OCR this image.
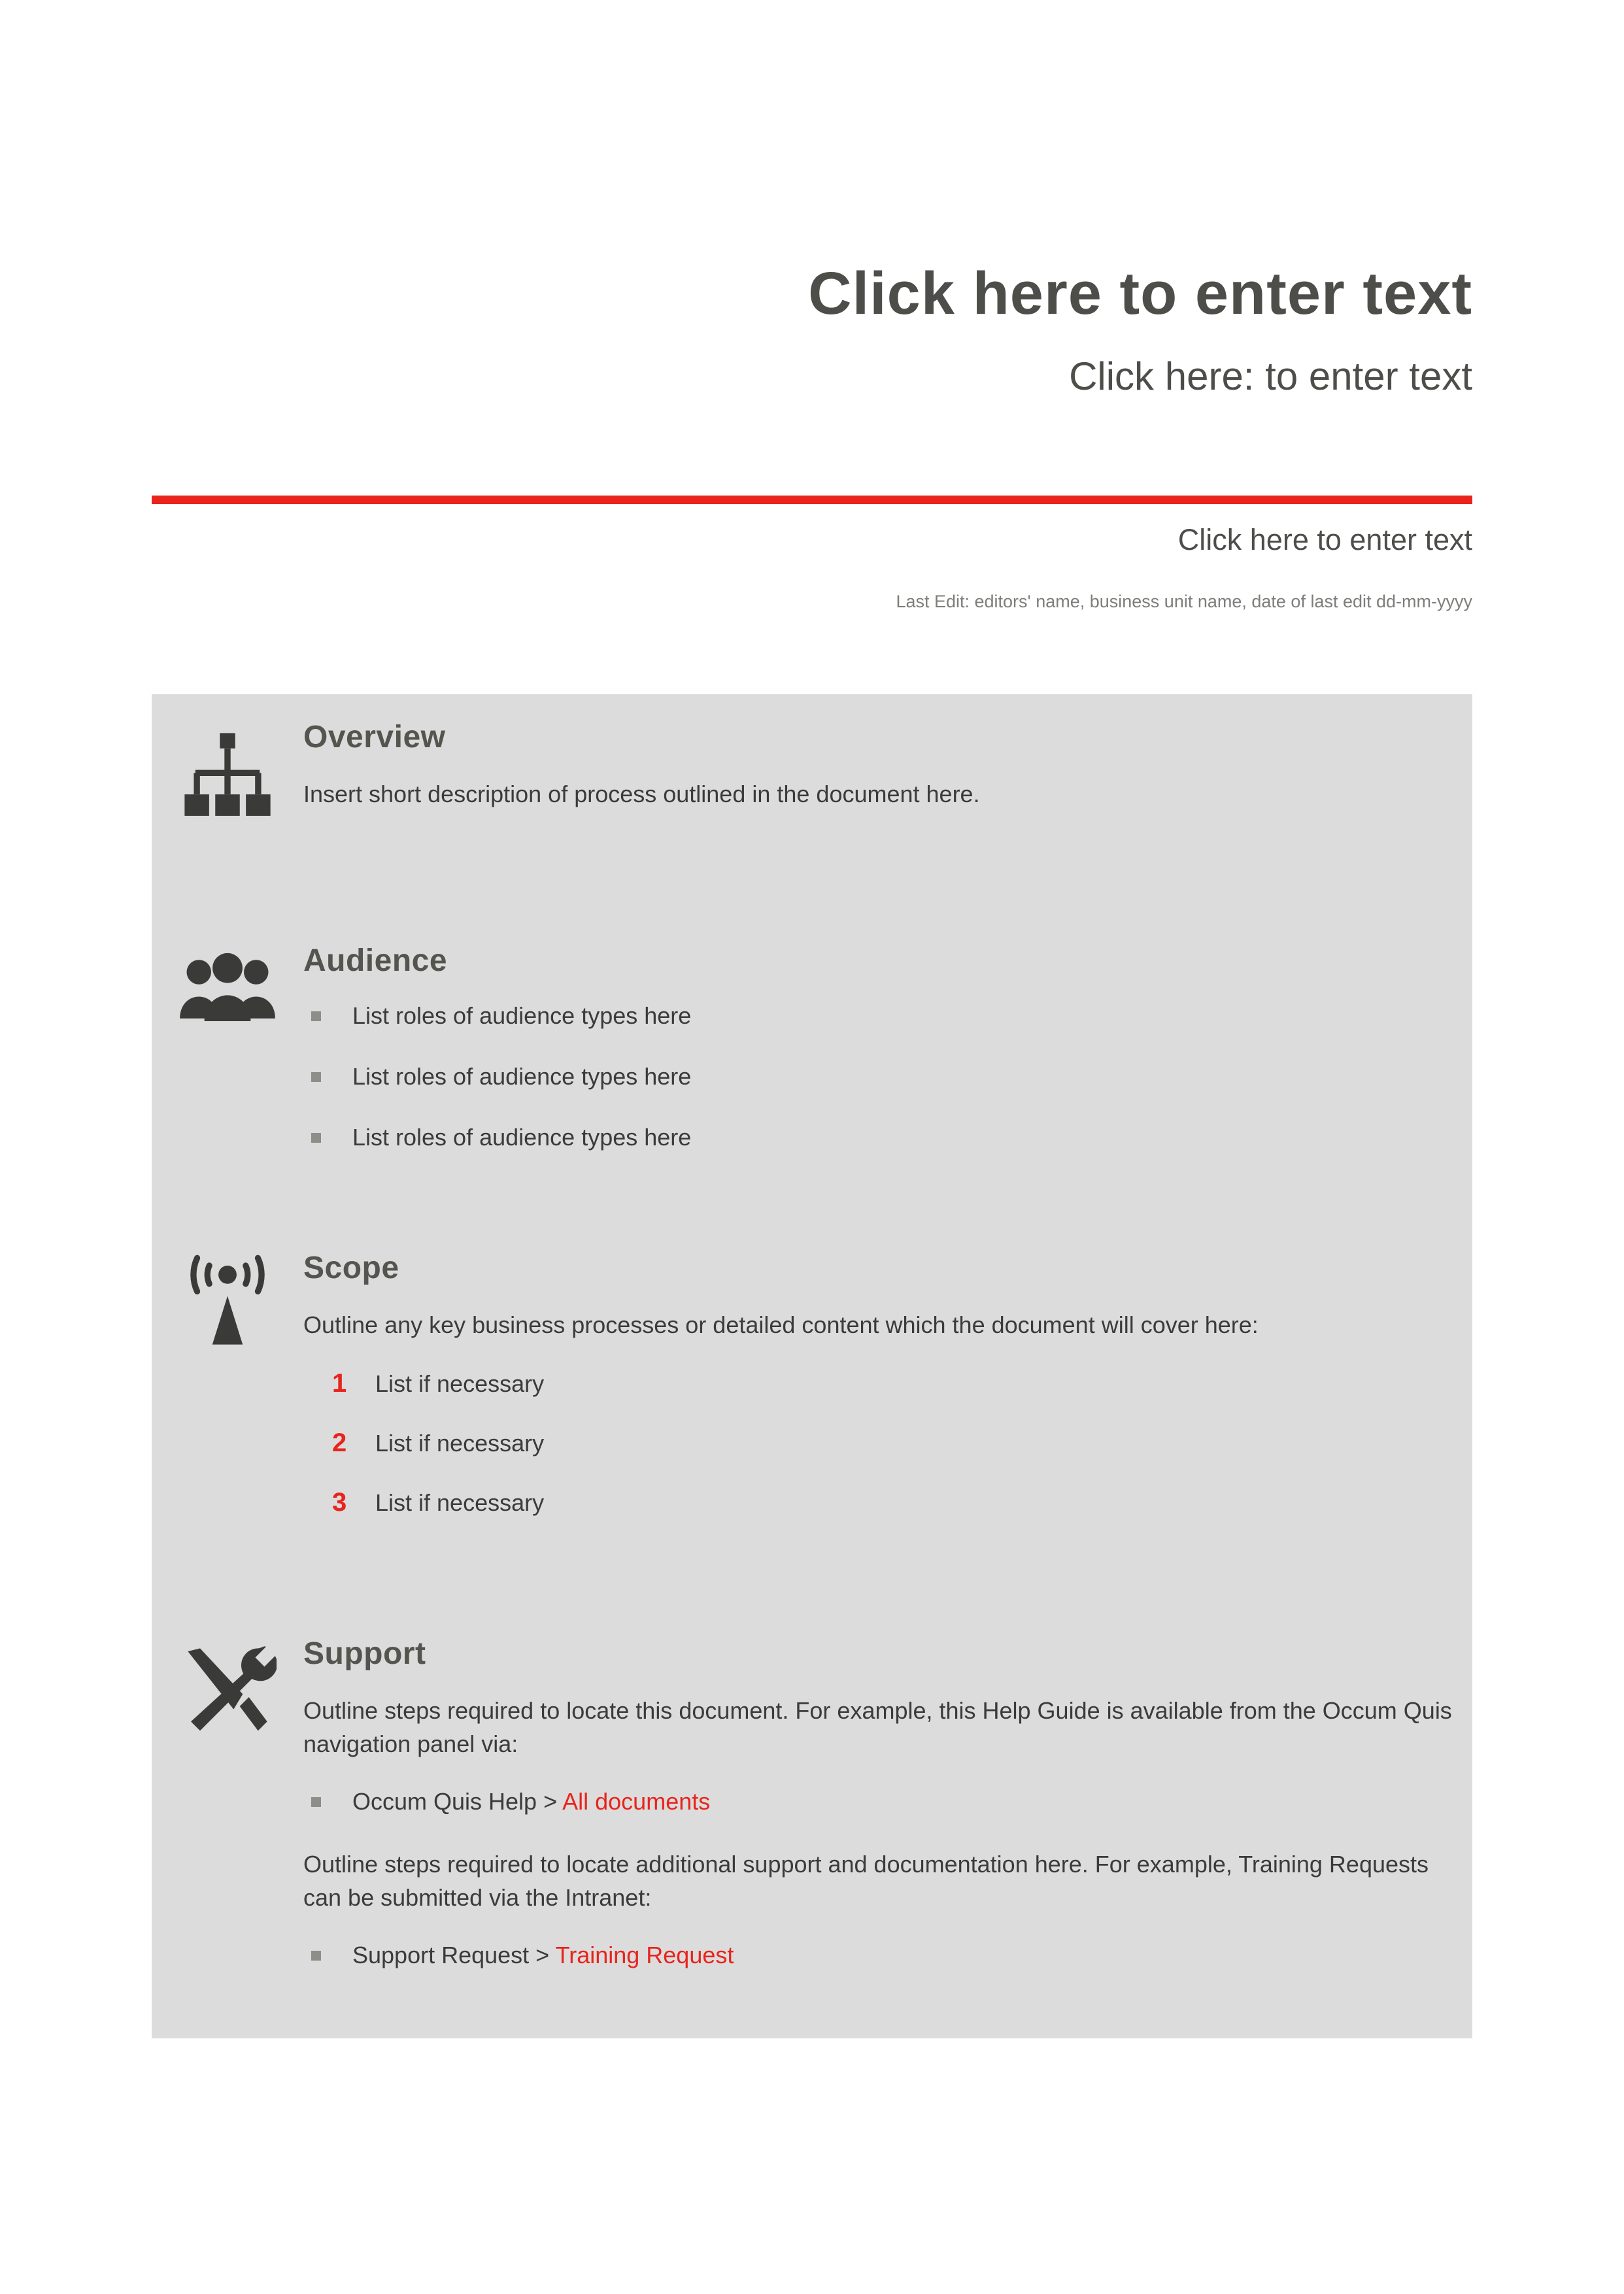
Click here to enter text
Click here: to enter text
Click here to enter text
Last Edit: editors' name, business unit name, date of last edit dd-mm-yyyy
Overview

Insert short description of process outlined in the document here.

Audience
List roles of audience types here
List roles of audience types here
List roles of audience types here
Scope

Outline any key business processes or detailed content which the document will cover here:

1 List if necessary
2 List if necessary
3 List if necessary
Support

Outline steps required to locate this document. For example, this Help Guide is available from the Occum Quis navigation panel via:

Occum Quis Help > All documents

Outline steps required to locate additional support and documentation here. For example, Training Requests can be submitted via the Intranet:

Support Request > Training Request
